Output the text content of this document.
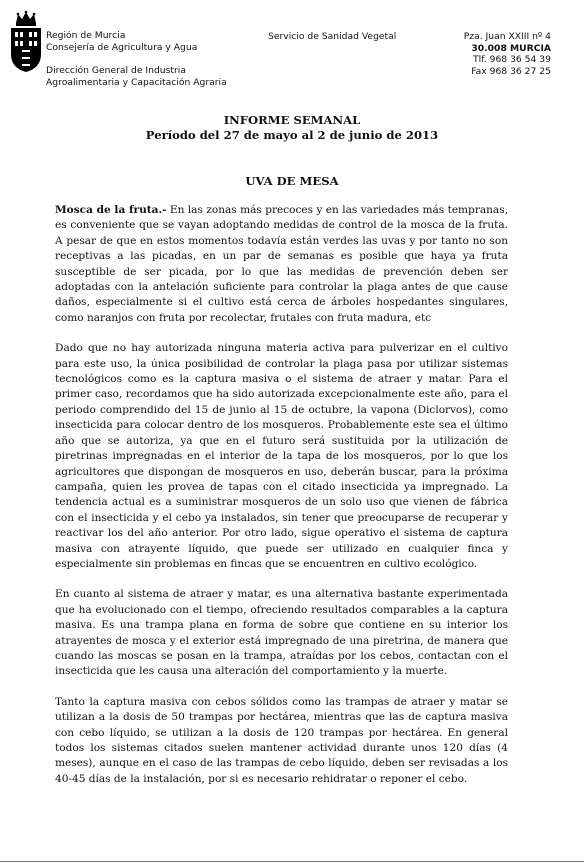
Región de Murcia
Consejería de Agricultura y Agua
Dirección General de Industria
Agroalimentaria y Capacitación Agraria
Servicio de Sanidad Vegetal	Pza. Juan XXIII nº 4
30.008 MURCIA
Tlf. 968 36 54 39
Fax 968 36 27 25
INFORME SEMANAL
Período del 27 de mayo al 2 de junio de 2013
UVA DE MESA

Mosca de la fruta.- En las zonas más precoces y en las variedades más tempranas, es conveniente que se vayan adoptando medidas de control de la mosca de la fruta. A pesar de que en estos momentos todavía están verdes las uvas y por tanto no son receptivas a las picadas, en un par de semanas es posible que haya ya fruta susceptible de ser picada, por lo que las medidas de prevención deben ser adoptadas con la antelación suficiente para controlar la plaga antes de que cause daños, especialmente si el cultivo está cerca de árboles hospedantes singulares, como naranjos con fruta por recolectar, frutales con fruta madura, etc

Dado que no hay autorizada ninguna materia activa para pulverizar en el cultivo para este uso, la única posibilidad de controlar la plaga pasa por utilizar sistemas tecnológicos como es la captura masiva o el sistema de atraer y matar. Para el primer caso, recordamos que ha sido autorizada excepcionalmente este año, para el periodo comprendido del 15 de junio al 15 de octubre, la vapona (Diclorvos), como insecticida para colocar dentro de los mosqueros. Probablemente este sea el último año que se autoriza, ya que en el futuro será sustituida por la utilización de piretrinas impregnadas en el interior de la tapa de los mosqueros, por lo que los agricultores que dispongan de mosqueros en uso, deberán buscar, para la próxima campaña, quien les provea de tapas con el citado insecticida ya impregnado. La tendencia actual es a suministrar mosqueros de un solo uso que vienen de fábrica con el insecticida y el cebo ya instalados, sin tener que preocuparse de recuperar y reactivar los del año anterior. Por otro lado, sigue operativo el sistema de captura masiva con atrayente líquido, que puede ser utilizado en cualquier finca y especialmente sin problemas en fincas que se encuentren en cultivo ecológico.

En cuanto al sistema de atraer y matar, es una alternativa bastante experimentada que ha evolucionado con el tiempo, ofreciendo resultados comparables a la captura masiva. Es una trampa plana en forma de sobre que contiene en su interior los atrayentes de mosca y el exterior está impregnado de una piretrina, de manera que cuando las moscas se posan en la trampa, atraídas por los cebos, contactan con el insecticida que les causa una alteración del comportamiento y la muerte.

Tanto la captura masiva con cebos sólidos como las trampas de atraer y matar se utilizan a la dosis de 50 trampas por hectárea, mientras que las de captura masiva con cebo líquido, se utilizan a la dosis de 120 trampas por hectárea. En general todos los sistemas citados suelen mantener actividad durante unos 120 días (4 meses), aunque en el caso de las trampas de cebo líquido, deben ser revisadas a los 40-45 días de la instalación, por si es necesario rehidratar o reponer el cebo.
